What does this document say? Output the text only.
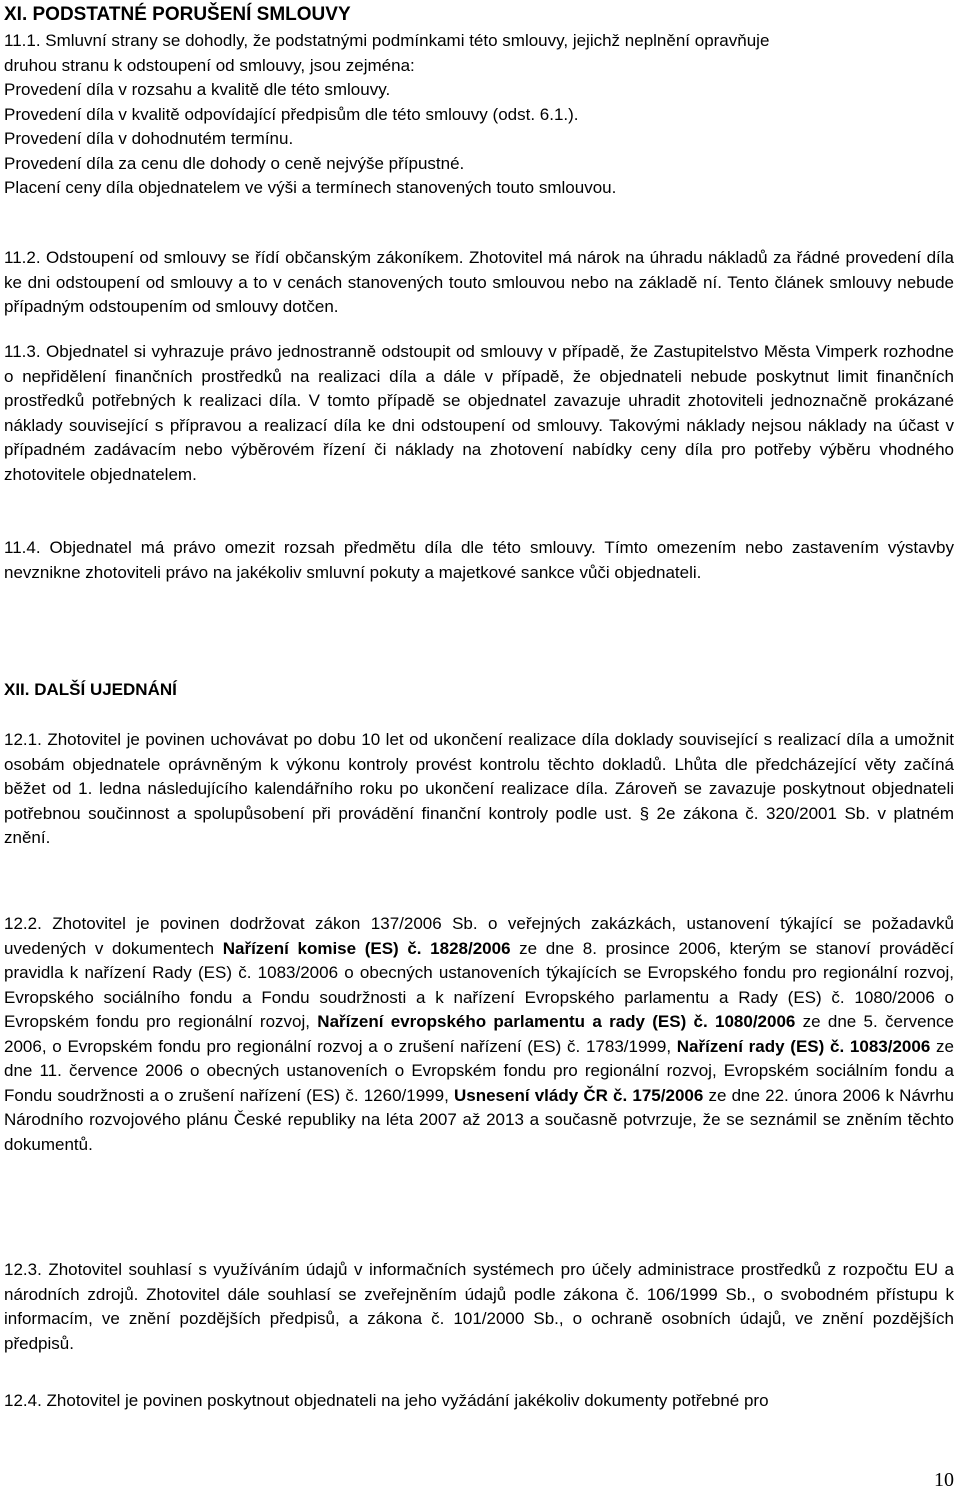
XI. PODSTATNÉ PORUŠENÍ SMLOUVY
11.1. Smluvní strany se dohodly, že podstatnými podmínkami této smlouvy, jejichž neplnění opravňuje
druhou stranu k odstoupení od smlouvy, jsou zejména:
Provedení díla v rozsahu a kvalitě dle této smlouvy.
Provedení díla v kvalitě odpovídající předpisům dle této smlouvy (odst. 6.1.).
Provedení díla v dohodnutém termínu.
Provedení díla za cenu dle dohody o ceně nejvýše přípustné.
Placení ceny díla objednatelem ve výši a termínech stanovených touto smlouvou.
11.2. Odstoupení od smlouvy se řídí občanským zákoníkem. Zhotovitel má nárok na úhradu nákladů za řádné provedení díla ke dni odstoupení od smlouvy a to v cenách stanovených touto smlouvou nebo na základě ní. Tento článek smlouvy nebude případným odstoupením od smlouvy dotčen.
11.3. Objednatel si vyhrazuje právo jednostranně odstoupit od smlouvy v případě, že Zastupitelstvo Města Vimperk rozhodne o nepřidělení finančních prostředků na realizaci díla a dále v případě, že objednateli nebude poskytnut limit finančních prostředků potřebných k realizaci díla. V tomto případě se objednatel zavazuje uhradit zhotoviteli jednoznačně prokázané náklady související s přípravou a realizací díla ke dni odstoupení od smlouvy. Takovými náklady nejsou náklady na účast v případném zadávacím nebo výběrovém řízení či náklady na zhotovení nabídky ceny díla pro potřeby výběru vhodného zhotovitele objednatelem.
11.4. Objednatel má právo omezit rozsah předmětu díla dle této smlouvy. Tímto omezením nebo zastavením výstavby nevznikne zhotoviteli právo na jakékoliv smluvní pokuty a majetkové sankce vůči objednateli.
XII. DALŠÍ UJEDNÁNÍ
12.1. Zhotovitel je povinen uchovávat po dobu 10 let od ukončení realizace díla doklady související s realizací díla a umožnit osobám objednatele oprávněným k výkonu kontroly provést kontrolu těchto dokladů. Lhůta dle předcházející věty začíná běžet od 1. ledna následujícího kalendářního roku po ukončení realizace díla. Zároveň se zavazuje poskytnout objednateli potřebnou součinnost a spolupůsobení při provádění finanční kontroly podle ust. § 2e zákona č. 320/2001 Sb. v platném znění.
12.2. Zhotovitel je povinen dodržovat zákon 137/2006 Sb. o veřejných zakázkách, ustanovení týkající se požadavků uvedených v dokumentech Nařízení komise (ES) č. 1828/2006 ze dne 8. prosince 2006, kterým se stanoví prováděcí pravidla k nařízení Rady (ES) č. 1083/2006 o obecných ustanoveních týkajících se Evropského fondu pro regionální rozvoj, Evropského sociálního fondu a Fondu soudržnosti a k nařízení Evropského parlamentu a Rady (ES) č. 1080/2006 o Evropském fondu pro regionální rozvoj, Nařízení evropského parlamentu a rady (ES) č. 1080/2006 ze dne 5. července 2006, o Evropském fondu pro regionální rozvoj a o zrušení nařízení (ES) č. 1783/1999, Nařízení rady (ES) č. 1083/2006 ze dne 11. července 2006 o obecných ustanoveních o Evropském fondu pro regionální rozvoj, Evropském sociálním fondu a Fondu soudržnosti a o zrušení nařízení (ES) č. 1260/1999, Usnesení vlády ČR č. 175/2006 ze dne 22. února 2006 k Návrhu Národního rozvojového plánu České republiky na léta 2007 až 2013 a současně potvrzuje, že se seznámil se zněním těchto dokumentů.
12.3. Zhotovitel souhlasí s využíváním údajů v informačních systémech pro účely administrace prostředků z rozpočtu EU a národních zdrojů. Zhotovitel dále souhlasí se zveřejněním údajů podle zákona č. 106/1999 Sb., o svobodném přístupu k informacím, ve znění pozdějších předpisů, a zákona č. 101/2000 Sb., o ochraně osobních údajů, ve znění pozdějších předpisů.
12.4. Zhotovitel je povinen poskytnout objednateli na jeho vyžádání jakékoliv dokumenty potřebné pro
10
